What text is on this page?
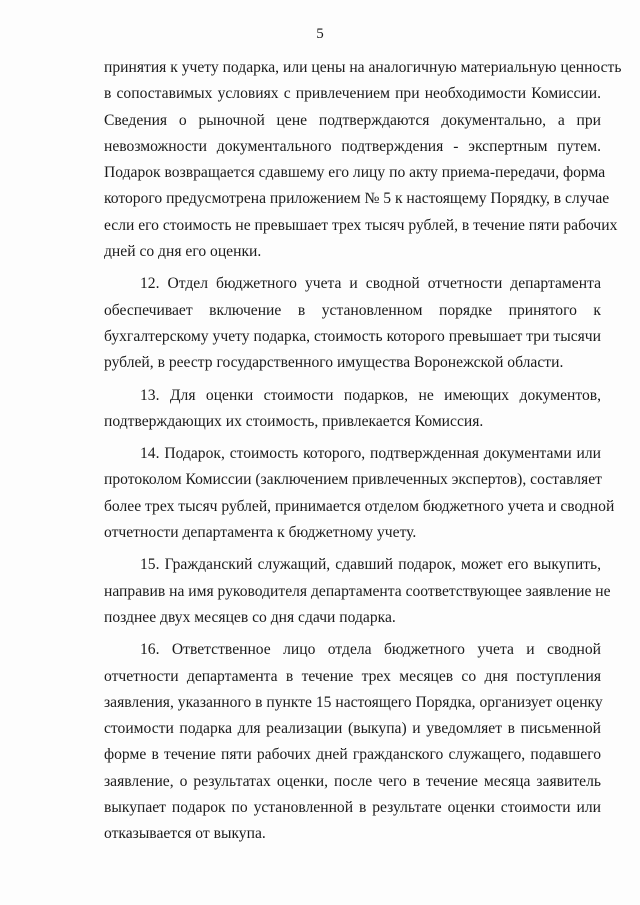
5
принятия к учету подарка, или цены на аналогичную материальную ценность
в сопоставимых условиях с привлечением при необходимости Комиссии.
Сведения о рыночной цене подтверждаются документально, а при
невозможности документального подтверждения - экспертным путем.
Подарок возвращается сдавшему его лицу по акту приема-передачи, форма
которого предусмотрена приложением № 5 к настоящему Порядку, в случае
если его стоимость не превышает трех тысяч рублей, в течение пяти рабочих
дней со дня его оценки.
12. Отдел бюджетного учета и сводной отчетности департамента
обеспечивает включение в установленном порядке принятого к
бухгалтерскому учету подарка, стоимость которого превышает три тысячи
рублей, в реестр государственного имущества Воронежской области.
13. Для оценки стоимости подарков, не имеющих документов,
подтверждающих их стоимость, привлекается Комиссия.
14. Подарок, стоимость которого, подтвержденная документами или
протоколом Комиссии (заключением привлеченных экспертов), составляет
более трех тысяч рублей, принимается отделом бюджетного учета и сводной
отчетности департамента к бюджетному учету.
15. Гражданский служащий, сдавший подарок, может его выкупить,
направив на имя руководителя департамента соответствующее заявление не
позднее двух месяцев со дня сдачи подарка.
16. Ответственное лицо отдела бюджетного учета и сводной
отчетности департамента в течение трех месяцев со дня поступления
заявления, указанного в пункте 15 настоящего Порядка, организует оценку
стоимости подарка для реализации (выкупа) и уведомляет в письменной
форме в течение пяти рабочих дней гражданского служащего, подавшего
заявление, о результатах оценки, после чего в течение месяца заявитель
выкупает подарок по установленной в результате оценки стоимости или
отказывается от выкупа.
